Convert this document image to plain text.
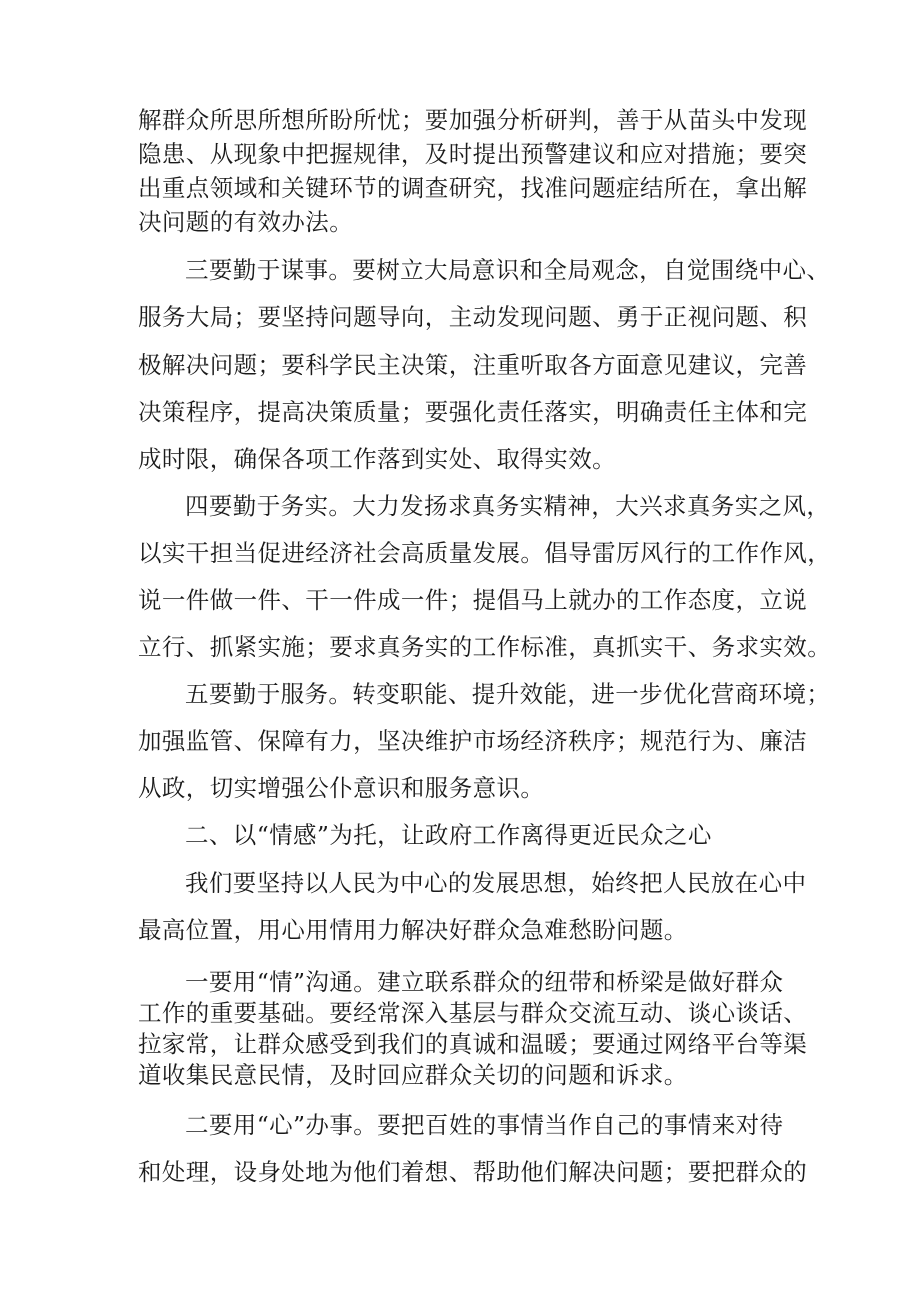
解群众所思所想所盼所忧；要加强分析研判，善于从苗头中发现
隐患、从现象中把握规律，及时提出预警建议和应对措施；要突
出重点领域和关键环节的调查研究，找准问题症结所在，拿出解
决问题的有效办法。
三要勤于谋事。要树立大局意识和全局观念，自觉围绕中心、
服务大局；要坚持问题导向，主动发现问题、勇于正视问题、积
极解决问题；要科学民主决策，注重听取各方面意见建议，完善
决策程序，提高决策质量；要强化责任落实，明确责任主体和完
成时限，确保各项工作落到实处、取得实效。
四要勤于务实。大力发扬求真务实精神，大兴求真务实之风，
以实干担当促进经济社会高质量发展。倡导雷厉风行的工作作风，
说一件做一件、干一件成一件；提倡马上就办的工作态度，立说
立行、抓紧实施；要求真务实的工作标准，真抓实干、务求实效。
五要勤于服务。转变职能、提升效能，进一步优化营商环境；
加强监管、保障有力，坚决维护市场经济秩序；规范行为、廉洁
从政，切实增强公仆意识和服务意识。
二、以“情感”为托，让政府工作离得更近民众之心
我们要坚持以人民为中心的发展思想，始终把人民放在心中
最高位置，用心用情用力解决好群众急难愁盼问题。
一要用“情”沟通。建立联系群众的纽带和桥梁是做好群众
工作的重要基础。要经常深入基层与群众交流互动、谈心谈话、
拉家常，让群众感受到我们的真诚和温暖；要通过网络平台等渠
道收集民意民情，及时回应群众关切的问题和诉求。
二要用“心”办事。要把百姓的事情当作自己的事情来对待
和处理，设身处地为他们着想、帮助他们解决问题；要把群众的
